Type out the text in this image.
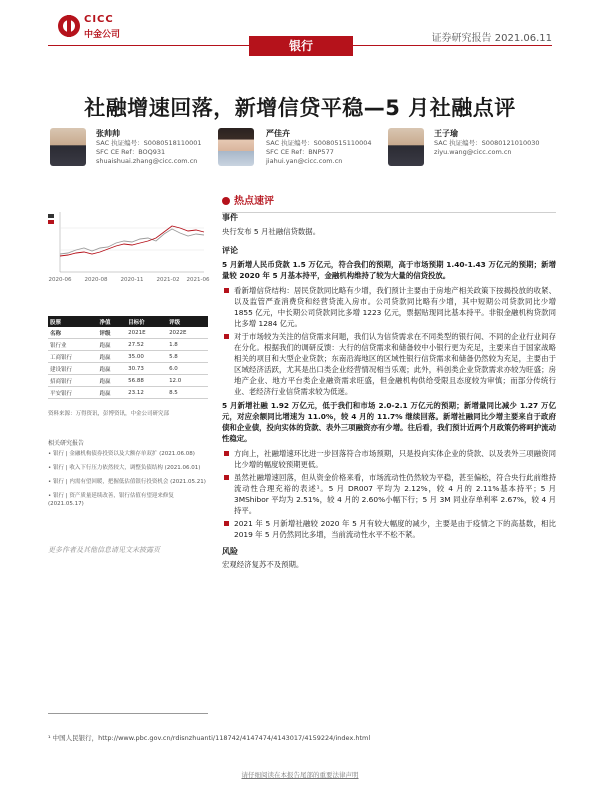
CICC
中金公司	证券研究报告 2021.06.11
银行
社融增速回落，新增信贷平稳—5 月社融点评
张帅帅
SAC 执证编号：S0080518110001
SFC CE Ref：BOQ931
shuaishuai.zhang@cicc.com.cn
严佳卉
SAC 执证编号：S0080515110004
SFC CE Ref：BNP577
jiahui.yan@cicc.com.cn
王子瑜
SAC 执证编号：S0080121010030
ziyu.wang@cicc.com.cn
2020-06 2020-08 2020-11 2021-02 2021-06
股票	净值	目标价	评级
名称	评级	2021E	2022E
银行业	跑赢	27.52	1.8
工商银行	跑赢	35.00	5.8
建设银行	跑赢	30.73	6.0
招商银行	跑赢	56.88	12.0
平安银行	跑赢	23.12	8.5
资料来源：万得资讯，彭博资讯，中金公司研究部
相关研究报告
• 银行 | 金融机构债券投资以及大额存单双扩 (2021.06.08)
• 银行 | 收入下行压力依然较大，调整负债结构 (2021.06.01)
• 银行 | 内需有望回暖，把握低估值银行投资机会 (2021.05.21)
• 银行 | 资产质量延续改善，银行估值有望迎来修复 (2021.05.17)
更多作者及其他信息请见文末披露页
热点速评
事件
央行发布 5 月社融信贷数据。
评论
5 月新增人民币贷款 1.5 万亿元，符合我们的预期，高于市场预期 1.40-1.43 万亿元的预期；新增量较 2020 年 5 月基本持平，金融机构维持了较为大量的信贷投放。
看新增信贷结构：居民贷款同比略有少增，我们预计主要由于房地产相关政策下按揭投放的收紧、以及监管严查消费贷和经营贷流入房市。公司贷款同比略有少增，其中短期公司贷款同比少增 1855 亿元，中长期公司贷款同比多增 1223 亿元，票据贴现同比基本持平。非银金融机构贷款同比多增 1284 亿元。
对于市场较为关注的信贷需求问题，我们认为信贷需求在不同类型的银行间、不同的企业行业间存在分化。根据我们的调研反馈：大行的信贷需求和储备较中小银行更为充足，主要来自于国家战略相关的项目和大型企业贷款；东南沿海地区的区域性银行信贷需求和储备仍然较为充足，主要由于区域经济活跃，尤其是出口类企业经营情况相当乐观；此外，科创类企业贷款需求亦较为旺盛；房地产企业、地方平台类企业融资需求旺盛，但金融机构供给受限且态度较为审慎；而部分传统行业、老经济行业信贷需求较为低迷。
5 月新增社融 1.92 万亿元，低于我们和市场 2.0-2.1 万亿元的预期；新增量同比减少 1.27 万亿元，对应余额同比增速为 11.0%，较 4 月的 11.7% 继续回落。新增社融同比少增主要来自于政府债和企业债，投向实体的贷款、表外三项融资亦有少增。往后看，我们预计近两个月政策仍将呵护流动性稳定。
方向上，社融增速环比进一步回落符合市场预期，只是投向实体企业的贷款、以及表外三项融资同比少增的幅度较预期更低。
虽然社融增速回落，但从资金价格来看，市场流动性仍然较为平稳，甚至偏松，符合央行此前维持流动性合理充裕的表述¹。5 月 DR007 平均为 2.12%，较 4 月的 2.11%基本持平；5 月 3MShibor 平均为 2.51%，较 4 月的 2.60%小幅下行；5 月 3M 同业存单利率 2.67%，较 4 月持平。
2021 年 5 月新增社融较 2020 年 5 月有较大幅度的减少，主要是由于疫情之下的高基数，相比 2019 年 5 月仍然同比多增，当前流动性水平不松不紧。
风险
宏观经济复苏不及预期。
¹ 中国人民银行，http://www.pbc.gov.cn/rdisnzhuanti/118742/4147474/4143017/4159224/index.html
请仔细阅读在本报告尾部的重要法律声明
